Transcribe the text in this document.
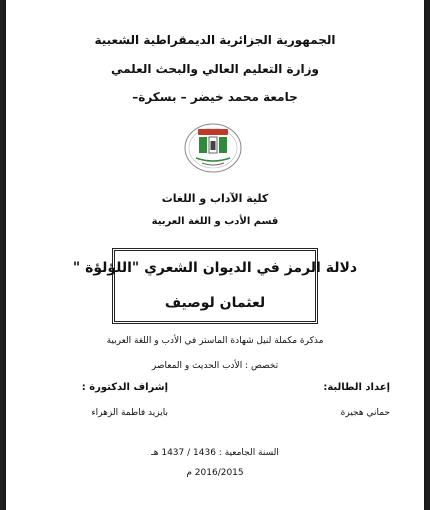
الجمهورية الجزائرية الديمقراطية الشعبية
وزارة التعليم العالي والبحث العلمي
جامعة محمد خيضر – بسكرة–
كلية الآداب و اللغات
قسم الأدب و اللغة العربية
دلالة الرمز في الديوان الشعري "اللؤلؤة "
لعثمان لوصيف
مذكرة مكملة لنيل شهادة الماستر في الأدب و اللغة العربية
تخصص : الأدب الحديث و المعاصر
إعداد الطالبة:
إشراف الدكتورة :
حماني هجيرة
بايزيد فاطمة الزهراء
السنة الجامعية : 1436 / 1437 هـ
2016/2015 م
